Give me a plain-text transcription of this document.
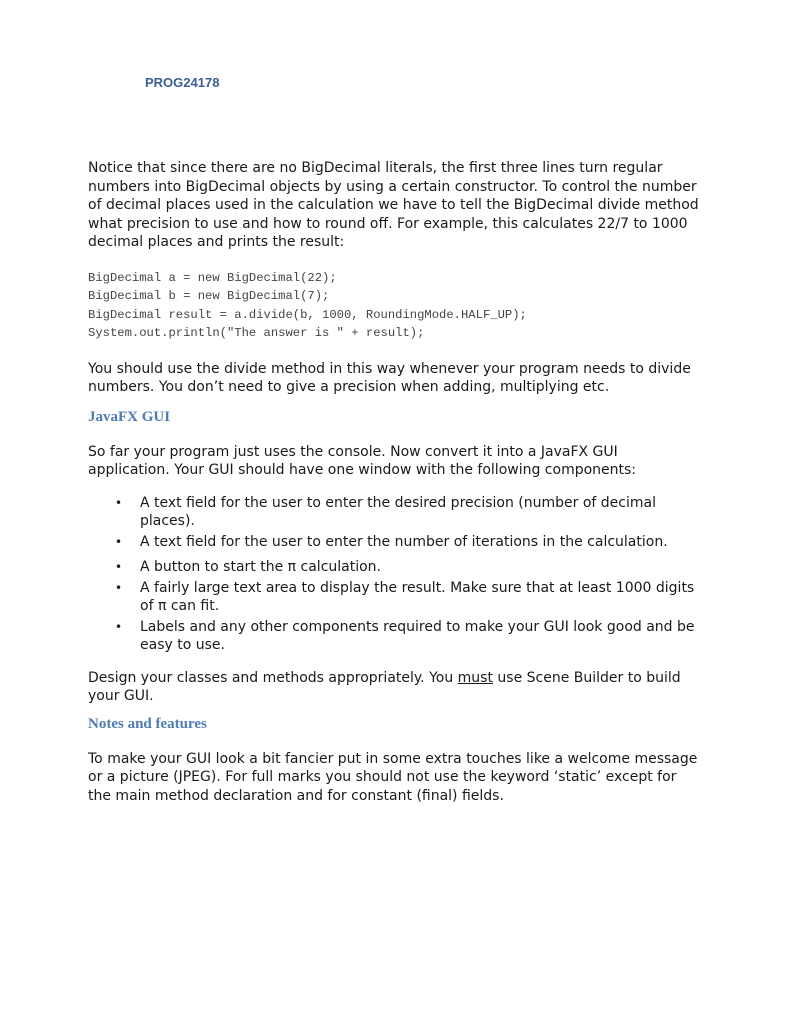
PROG24178

Notice that since there are no BigDecimal literals, the first three lines turn regular numbers into BigDecimal objects by using a certain constructor. To control the number of decimal places used in the calculation we have to tell the BigDecimal divide method what precision to use and how to round off. For example, this calculates 22/7 to 1000 decimal places and prints the result:

BigDecimal a = new BigDecimal(22);
BigDecimal b = new BigDecimal(7);
BigDecimal result = a.divide(b, 1000, RoundingMode.HALF_UP);
System.out.println("The answer is " + result);

You should use the divide method in this way whenever your program needs to divide numbers. You don’t need to give a precision when adding, multiplying etc.

JavaFX GUI

So far your program just uses the console. Now convert it into a JavaFX GUI application. Your GUI should have one window with the following components:

• A text field for the user to enter the desired precision (number of decimal places).
• A text field for the user to enter the number of iterations in the calculation.
• A button to start the π calculation.
• A fairly large text area to display the result. Make sure that at least 1000 digits of π can fit.
• Labels and any other components required to make your GUI look good and be easy to use.

Design your classes and methods appropriately. You must use Scene Builder to build your GUI.

Notes and features

To make your GUI look a bit fancier put in some extra touches like a welcome message or a picture (JPEG). For full marks you should not use the keyword ‘static’ except for the main method declaration and for constant (final) fields.
